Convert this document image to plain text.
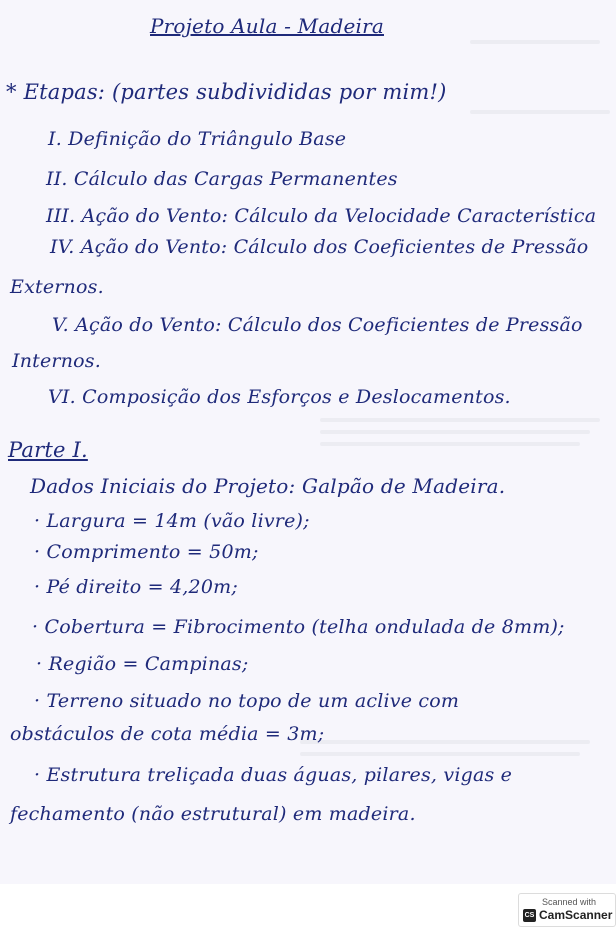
Projeto Aula - Madeira
* Etapas: (partes subdivididas por mim!)
I. Definição do Triângulo Base
II. Cálculo das Cargas Permanentes
III. Ação do Vento: Cálculo da Velocidade Característica
IV. Ação do Vento: Cálculo dos Coeficientes de Pressão
Externos.
V. Ação do Vento: Cálculo dos Coeficientes de Pressão
Internos.
VI. Composição dos Esforços e Deslocamentos.
Parte I.
Dados Iniciais do Projeto: Galpão de Madeira.
· Largura = 14m (vão livre);
· Comprimento = 50m;
· Pé direito = 4,20m;
· Cobertura = Fibrocimento (telha ondulada de 8mm);
· Região = Campinas;
· Terreno situado no topo de um aclive com
obstáculos de cota média = 3m;
· Estrutura treliçada duas águas, pilares, vigas e
fechamento (não estrutural) em madeira.
Scanned with
CS CamScanner
